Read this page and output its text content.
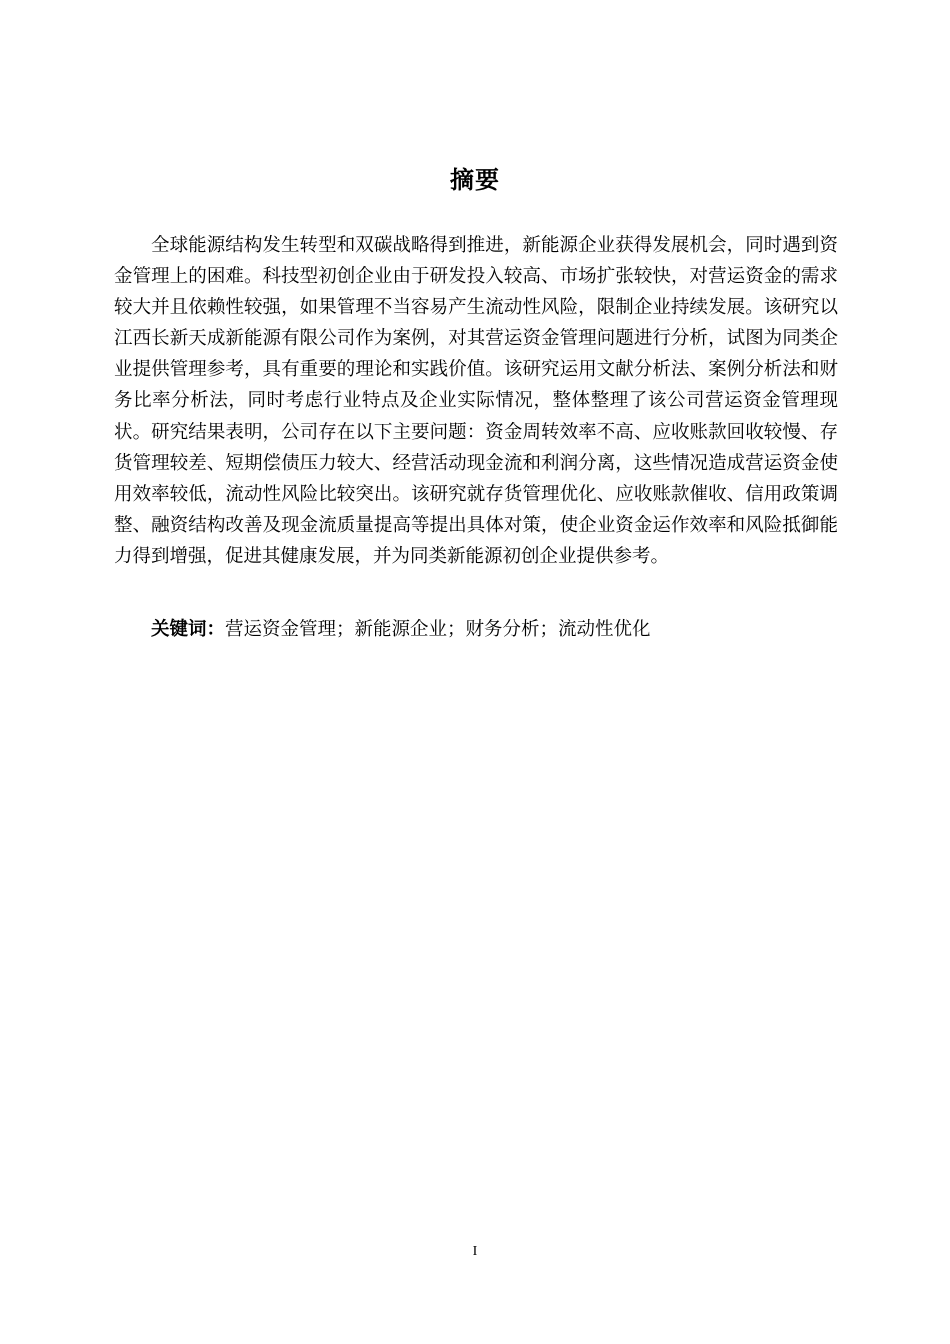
摘要

全球能源结构发生转型和双碳战略得到推进，新能源企业获得发展机会，同时遇到资金管理上的困难。科技型初创企业由于研发投入较高、市场扩张较快，对营运资金的需求较大并且依赖性较强，如果管理不当容易产生流动性风险，限制企业持续发展。该研究以江西长新天成新能源有限公司作为案例，对其营运资金管理问题进行分析，试图为同类企业提供管理参考，具有重要的理论和实践价值。该研究运用文献分析法、案例分析法和财务比率分析法，同时考虑行业特点及企业实际情况，整体整理了该公司营运资金管理现状。研究结果表明，公司存在以下主要问题：资金周转效率不高、应收账款回收较慢、存货管理较差、短期偿债压力较大、经营活动现金流和利润分离，这些情况造成营运资金使用效率较低，流动性风险比较突出。该研究就存货管理优化、应收账款催收、信用政策调整、融资结构改善及现金流质量提高等提出具体对策，使企业资金运作效率和风险抵御能力得到增强，促进其健康发展，并为同类新能源初创企业提供参考。

关键词：营运资金管理；新能源企业；财务分析；流动性优化
I
